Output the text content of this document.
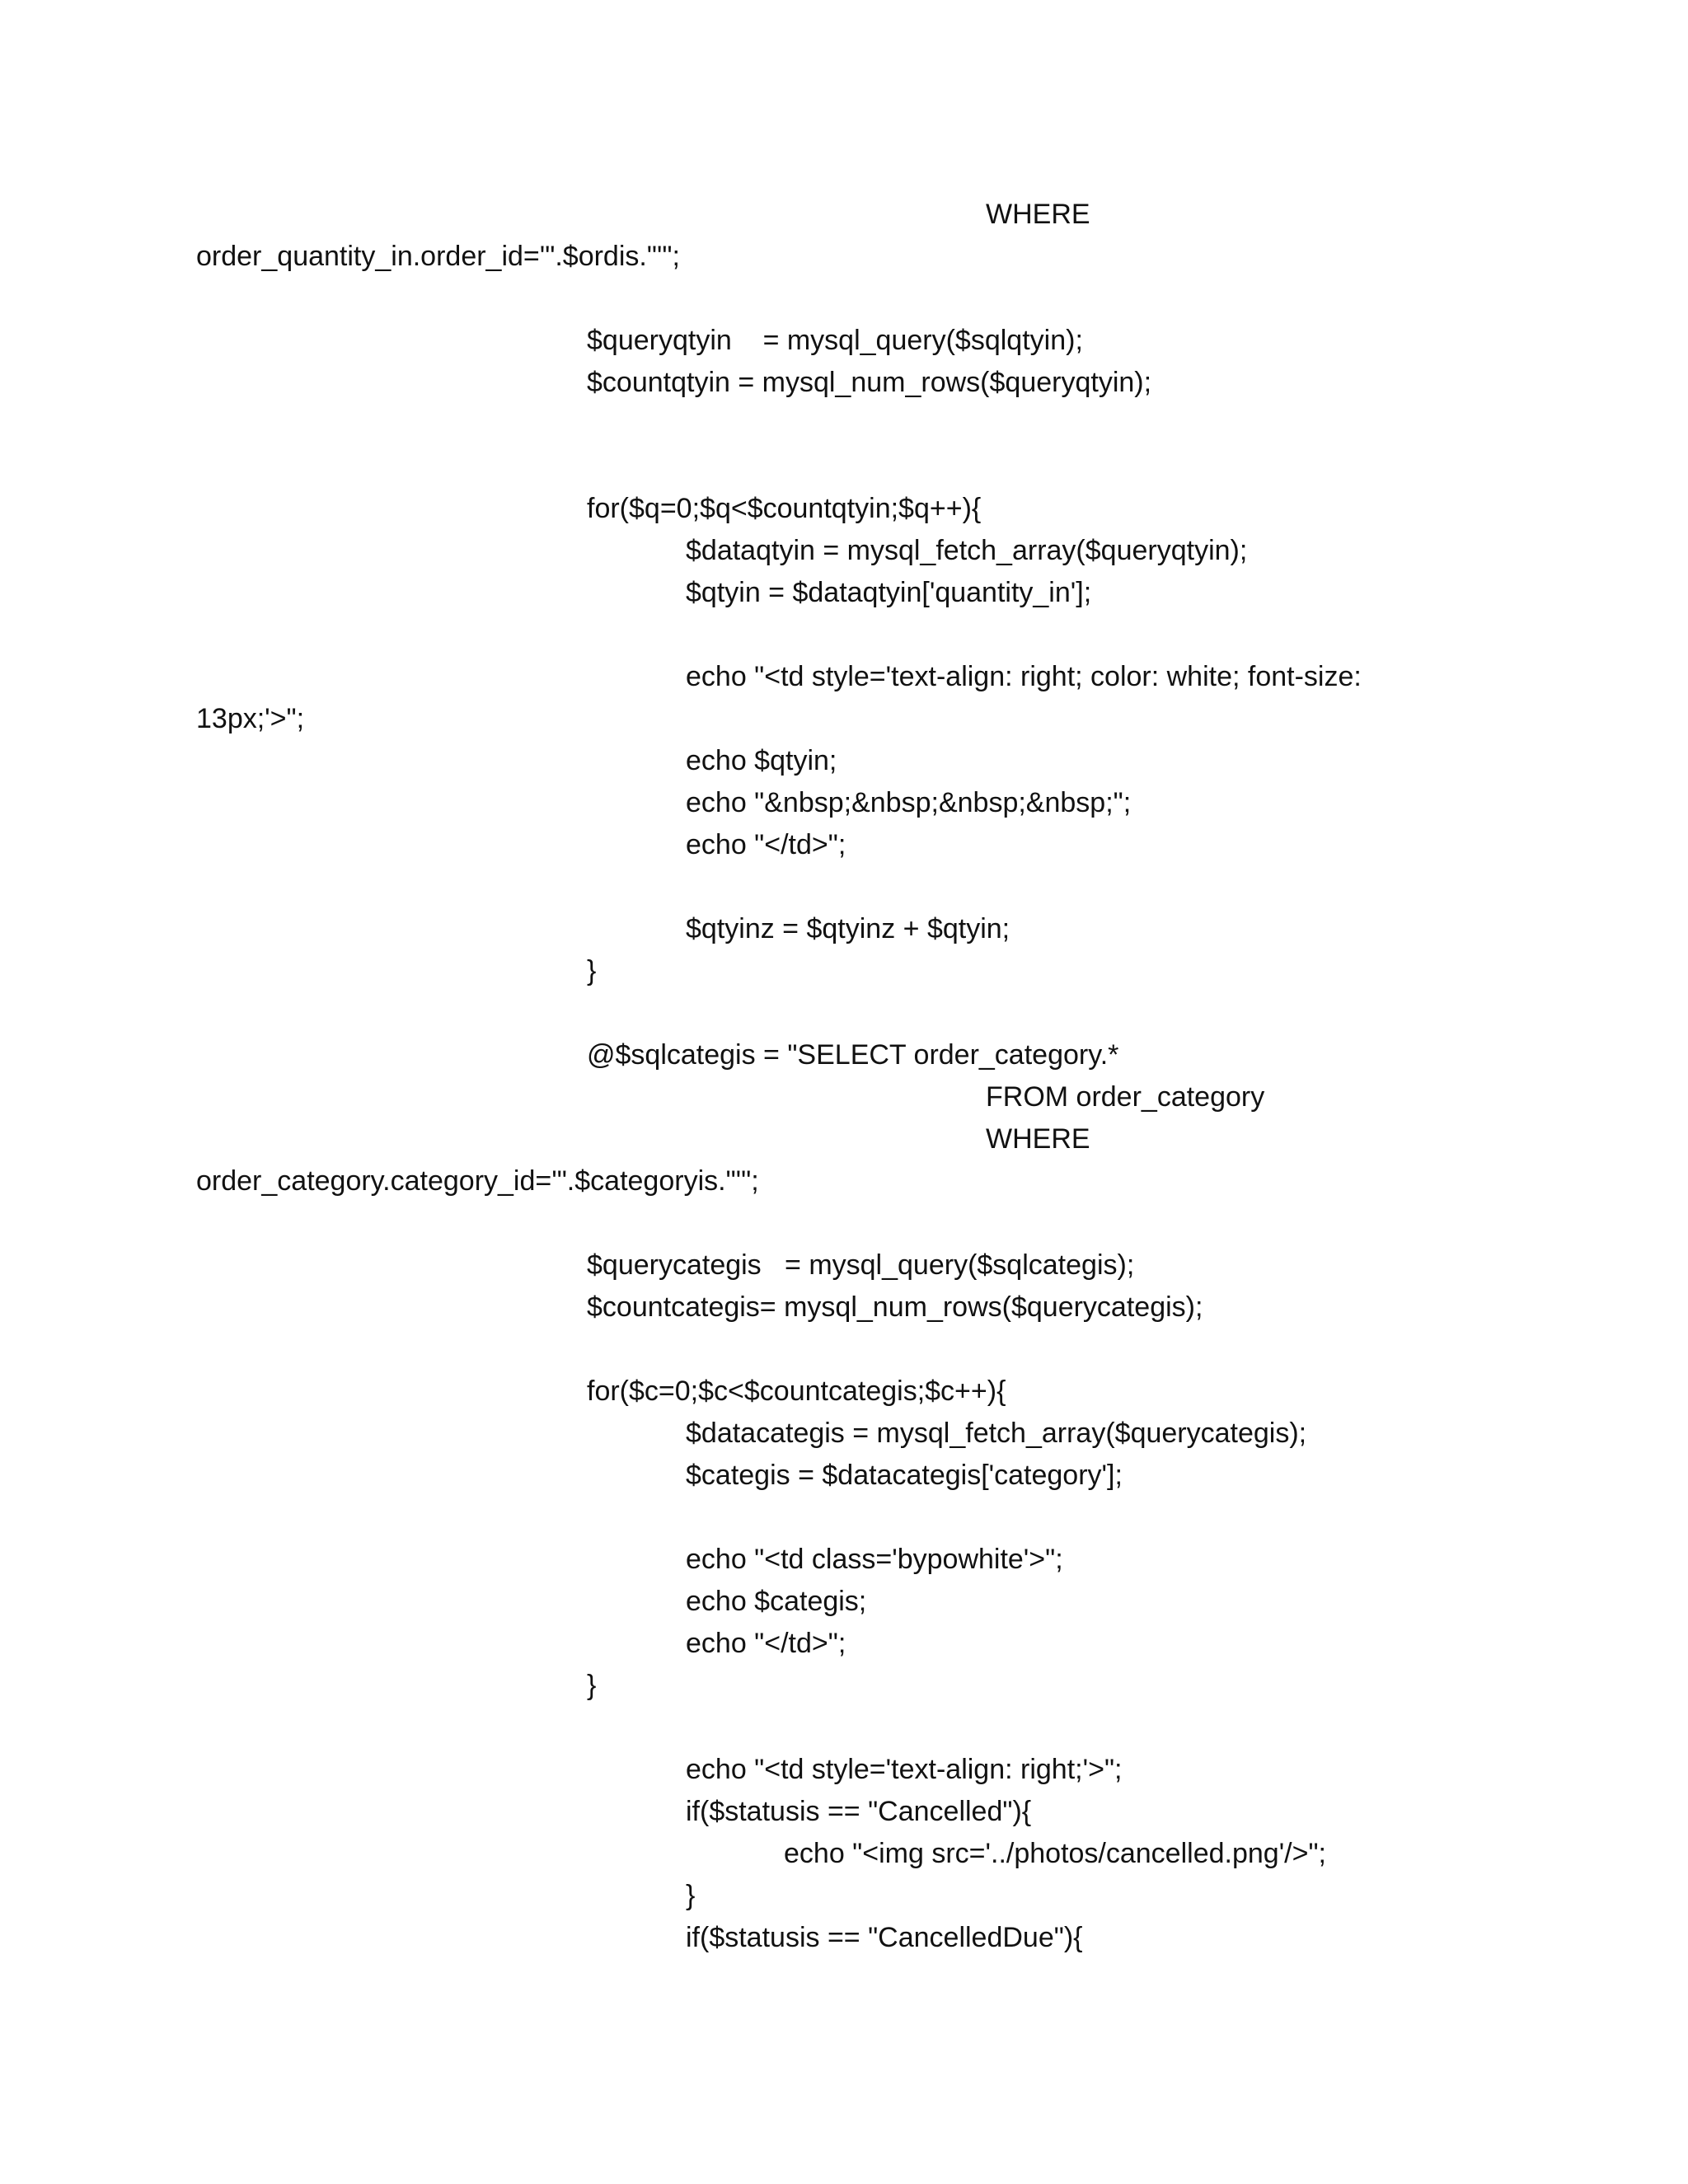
WHERE

order_quantity_in.order_id='".$ordis."'";

$queryqtyin    = mysql_query($sqlqtyin);

$countqtyin = mysql_num_rows($queryqtyin);

for($q=0;$q<$countqtyin;$q++){

$dataqtyin = mysql_fetch_array($queryqtyin);

$qtyin = $dataqtyin['quantity_in'];

echo "<td style='text-align: right; color: white; font-size:

13px;'>";

echo $qtyin;

echo "&nbsp;&nbsp;&nbsp;&nbsp;";

echo "</td>";

$qtyinz = $qtyinz + $qtyin;

}

@$sqlcategis = "SELECT order_category.*

FROM order_category

WHERE

order_category.category_id='".$categoryis."'";

$querycategis   = mysql_query($sqlcategis);

$countcategis= mysql_num_rows($querycategis);

for($c=0;$c<$countcategis;$c++){

$datacategis = mysql_fetch_array($querycategis);

$categis = $datacategis['category'];

echo "<td class='bypowhite'>";

echo $categis;

echo "</td>";

}

echo "<td style='text-align: right;'>";

if($statusis == "Cancelled"){

echo "<img src='../photos/cancelled.png'/>";

}

if($statusis == "CancelledDue"){
